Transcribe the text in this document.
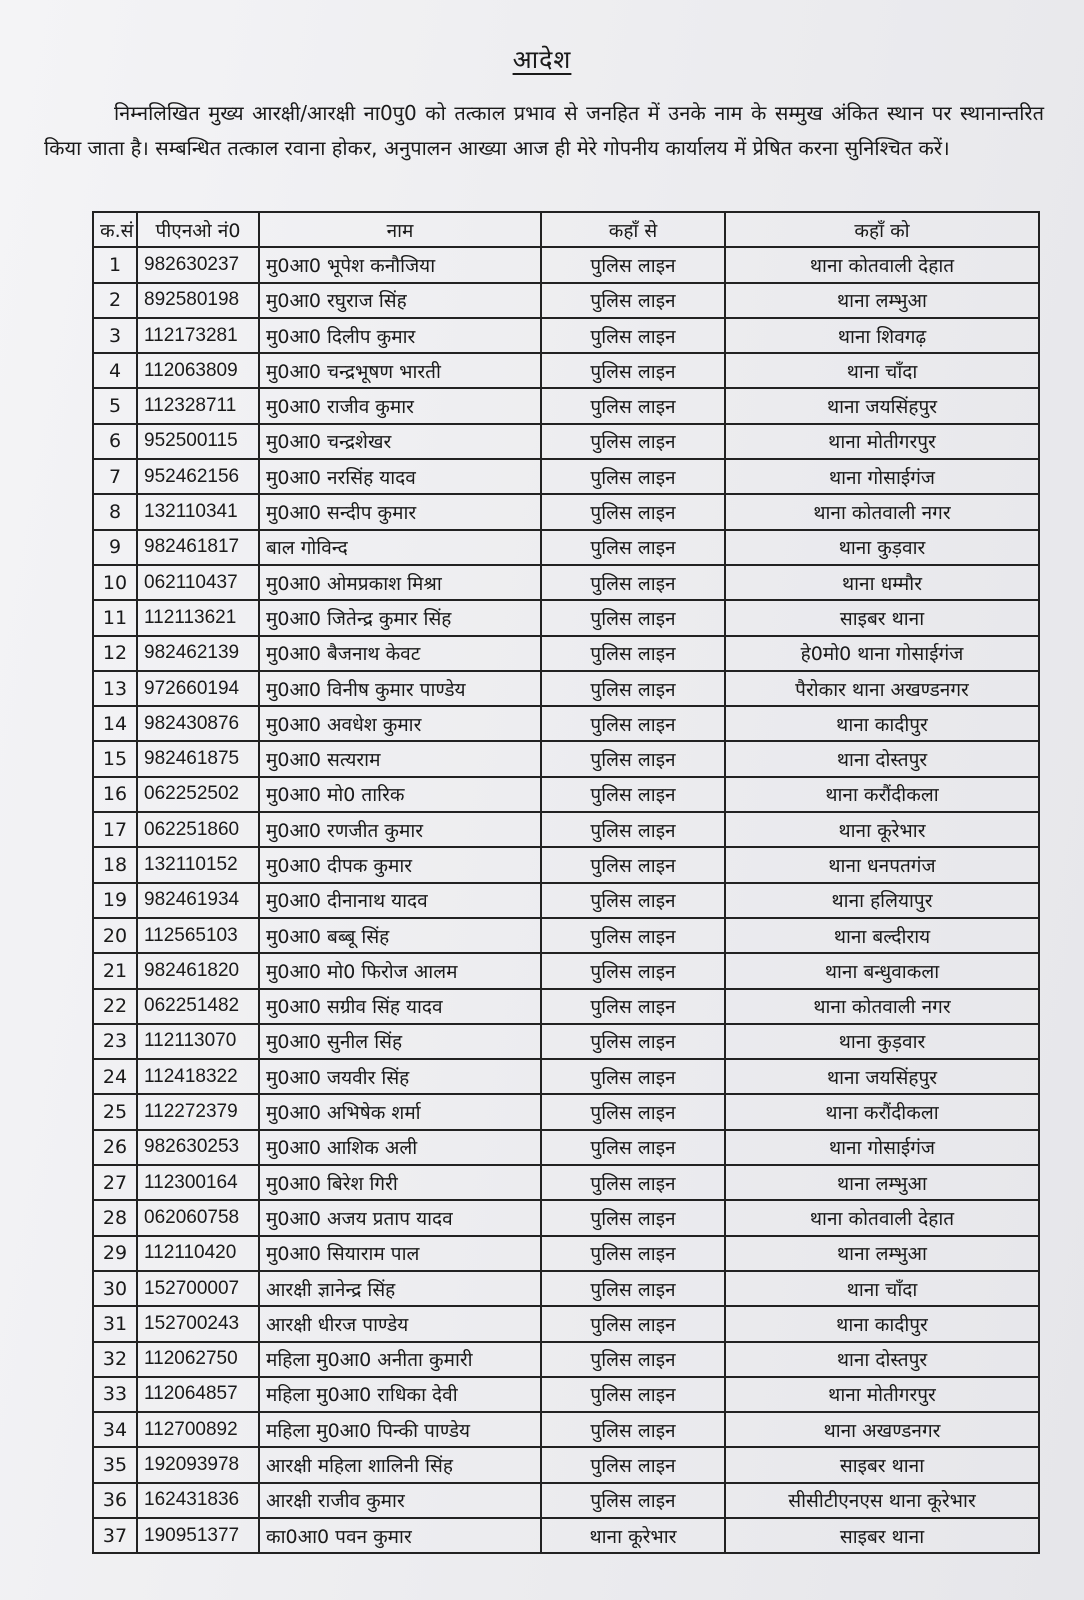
आदेश
निम्नलिखित मुख्य आरक्षी/आरक्षी ना0पु0 को तत्काल प्रभाव से जनहित में उनके नाम के सम्मुख अंकित स्थान पर स्थानान्तरित किया जाता है। सम्बन्धित तत्काल रवाना होकर, अनुपालन आख्या आज ही मेरे गोपनीय कार्यालय में प्रेषित करना सुनिश्चित करें।
क.सं	पीएनओ नं0	नाम	कहाँ से	कहाँ को
1	982630237	मु0आ0 भूपेश कनौजिया	पुलिस लाइन	थाना कोतवाली देहात
2	892580198	मु0आ0 रघुराज सिंह	पुलिस लाइन	थाना लम्भुआ
3	112173281	मु0आ0 दिलीप कुमार	पुलिस लाइन	थाना शिवगढ़
4	112063809	मु0आ0 चन्द्रभूषण भारती	पुलिस लाइन	थाना चाँदा
5	112328711	मु0आ0 राजीव कुमार	पुलिस लाइन	थाना जयसिंहपुर
6	952500115	मु0आ0 चन्द्रशेखर	पुलिस लाइन	थाना मोतीगरपुर
7	952462156	मु0आ0 नरसिंह यादव	पुलिस लाइन	थाना गोसाईगंज
8	132110341	मु0आ0 सन्दीप कुमार	पुलिस लाइन	थाना कोतवाली नगर
9	982461817	बाल गोविन्द	पुलिस लाइन	थाना कुड़वार
10	062110437	मु0आ0 ओमप्रकाश मिश्रा	पुलिस लाइन	थाना धम्मौर
11	112113621	मु0आ0 जितेन्द्र कुमार सिंह	पुलिस लाइन	साइबर थाना
12	982462139	मु0आ0 बैजनाथ केवट	पुलिस लाइन	हे0मो0 थाना गोसाईगंज
13	972660194	मु0आ0 विनीष कुमार पाण्डेय	पुलिस लाइन	पैरोकार थाना अखण्डनगर
14	982430876	मु0आ0 अवधेश कुमार	पुलिस लाइन	थाना कादीपुर
15	982461875	मु0आ0 सत्यराम	पुलिस लाइन	थाना दोस्तपुर
16	062252502	मु0आ0 मो0 तारिक	पुलिस लाइन	थाना करौंदीकला
17	062251860	मु0आ0 रणजीत कुमार	पुलिस लाइन	थाना कूरेभार
18	132110152	मु0आ0 दीपक कुमार	पुलिस लाइन	थाना धनपतगंज
19	982461934	मु0आ0 दीनानाथ यादव	पुलिस लाइन	थाना हलियापुर
20	112565103	मु0आ0 बब्बू सिंह	पुलिस लाइन	थाना बल्दीराय
21	982461820	मु0आ0 मो0 फिरोज आलम	पुलिस लाइन	थाना बन्धुवाकला
22	062251482	मु0आ0 सग्रीव सिंह यादव	पुलिस लाइन	थाना कोतवाली नगर
23	112113070	मु0आ0 सुनील सिंह	पुलिस लाइन	थाना कुड़वार
24	112418322	मु0आ0 जयवीर सिंह	पुलिस लाइन	थाना जयसिंहपुर
25	112272379	मु0आ0 अभिषेक शर्मा	पुलिस लाइन	थाना करौंदीकला
26	982630253	मु0आ0 आशिक अली	पुलिस लाइन	थाना गोसाईगंज
27	112300164	मु0आ0 बिरेश गिरी	पुलिस लाइन	थाना लम्भुआ
28	062060758	मु0आ0 अजय प्रताप यादव	पुलिस लाइन	थाना कोतवाली देहात
29	112110420	मु0आ0 सियाराम पाल	पुलिस लाइन	थाना लम्भुआ
30	152700007	आरक्षी ज्ञानेन्द्र सिंह	पुलिस लाइन	थाना चाँदा
31	152700243	आरक्षी धीरज पाण्डेय	पुलिस लाइन	थाना कादीपुर
32	112062750	महिला मु0आ0 अनीता कुमारी	पुलिस लाइन	थाना दोस्तपुर
33	112064857	महिला मु0आ0 राधिका देवी	पुलिस लाइन	थाना मोतीगरपुर
34	112700892	महिला मु0आ0 पिन्की पाण्डेय	पुलिस लाइन	थाना अखण्डनगर
35	192093978	आरक्षी महिला शालिनी सिंह	पुलिस लाइन	साइबर थाना
36	162431836	आरक्षी राजीव कुमार	पुलिस लाइन	सीसीटीएनएस थाना कूरेभार
37	190951377	का0आ0 पवन कुमार	थाना कूरेभार	साइबर थाना
